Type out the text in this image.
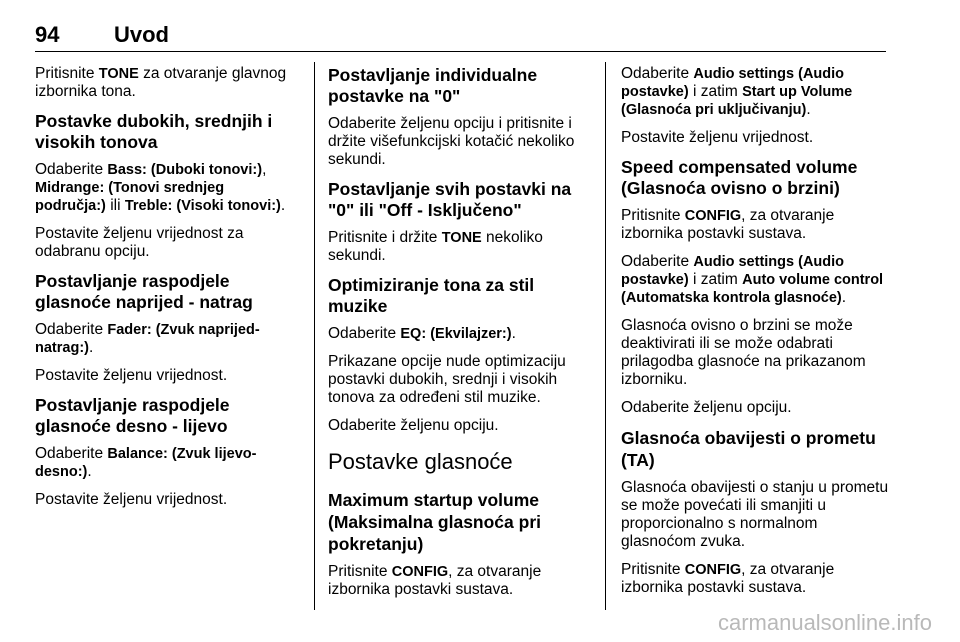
94 Uvod

Pritisnite TONE za otvaranje glavnog izbornika tona.

Postavke dubokih, srednjih i visokih tonova

Odaberite Bass: (Duboki tonovi:), Midrange: (Tonovi srednjeg područja:) ili Treble: (Visoki tonovi:).

Postavite željenu vrijednost za odabranu opciju.

Postavljanje raspodjele glasnoće naprijed - natrag

Odaberite Fader: (Zvuk naprijed-natrag:).

Postavite željenu vrijednost.

Postavljanje raspodjele glasnoće desno - lijevo

Odaberite Balance: (Zvuk lijevo-desno:).

Postavite željenu vrijednost.

Postavljanje individualne postavke na "0"

Odaberite željenu opciju i pritisnite i držite višefunkcijski kotačić nekoliko sekundi.

Postavljanje svih postavki na "0" ili "Off - Isključeno"

Pritisnite i držite TONE nekoliko sekundi.

Optimiziranje tona za stil muzike

Odaberite EQ: (Ekvilajzer:).

Prikazane opcije nude optimizaciju postavki dubokih, srednji i visokih tonova za određeni stil muzike.

Odaberite željenu opciju.

Postavke glasnoće
Maximum startup volume (Maksimalna glasnoća pri pokretanju)

Pritisnite CONFIG, za otvaranje izbornika postavki sustava.

Odaberite Audio settings (Audio postavke) i zatim Start up Volume (Glasnoća pri uključivanju).

Postavite željenu vrijednost.

Speed compensated volume (Glasnoća ovisno o brzini)

Pritisnite CONFIG, za otvaranje izbornika postavki sustava.

Odaberite Audio settings (Audio postavke) i zatim Auto volume control (Automatska kontrola glasnoće).

Glasnoća ovisno o brzini se može deaktivirati ili se može odabrati prilagodba glasnoće na prikazanom izborniku.

Odaberite željenu opciju.

Glasnoća obavijesti o prometu (TA)

Glasnoća obavijesti o stanju u prometu se može povećati ili smanjiti u proporcionalno s normalnom glasnoćom zvuka.

Pritisnite CONFIG, za otvaranje izbornika postavki sustava.

carmanualsonline.info
